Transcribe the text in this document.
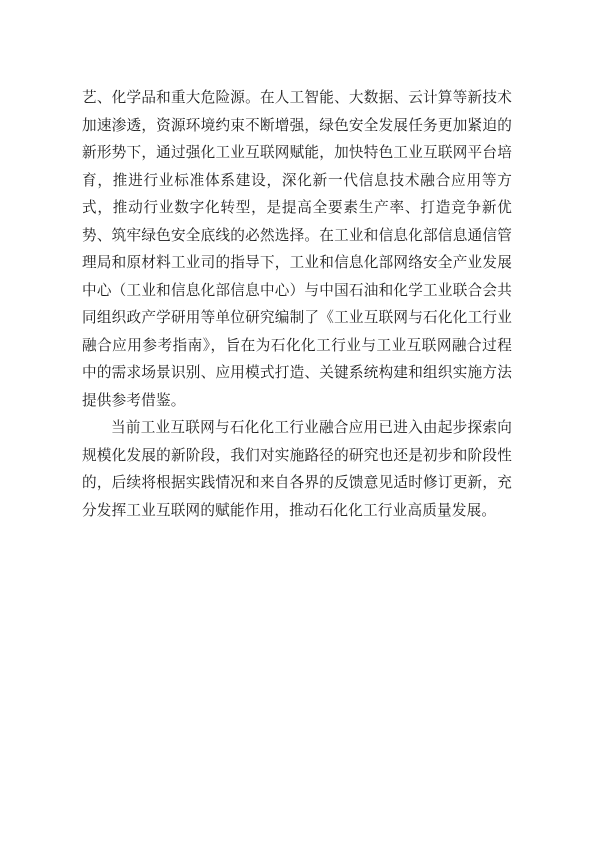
艺、化学品和重大危险源。在人工智能、大数据、云计算等新技术加速渗透，资源环境约束不断增强，绿色安全发展任务更加紧迫的新形势下，通过强化工业互联网赋能，加快特色工业互联网平台培育，推进行业标准体系建设，深化新一代信息技术融合应用等方式，推动行业数字化转型，是提高全要素生产率、打造竞争新优势、筑牢绿色安全底线的必然选择。在工业和信息化部信息通信管理局和原材料工业司的指导下，工业和信息化部网络安全产业发展中心（工业和信息化部信息中心）与中国石油和化学工业联合会共同组织政产学研用等单位研究编制了《工业互联网与石化化工行业融合应用参考指南》，旨在为石化化工行业与工业互联网融合过程中的需求场景识别、应用模式打造、关键系统构建和组织实施方法提供参考借鉴。

当前工业互联网与石化化工行业融合应用已进入由起步探索向规模化发展的新阶段，我们对实施路径的研究也还是初步和阶段性的，后续将根据实践情况和来自各界的反馈意见适时修订更新，充分发挥工业互联网的赋能作用，推动石化化工行业高质量发展。
